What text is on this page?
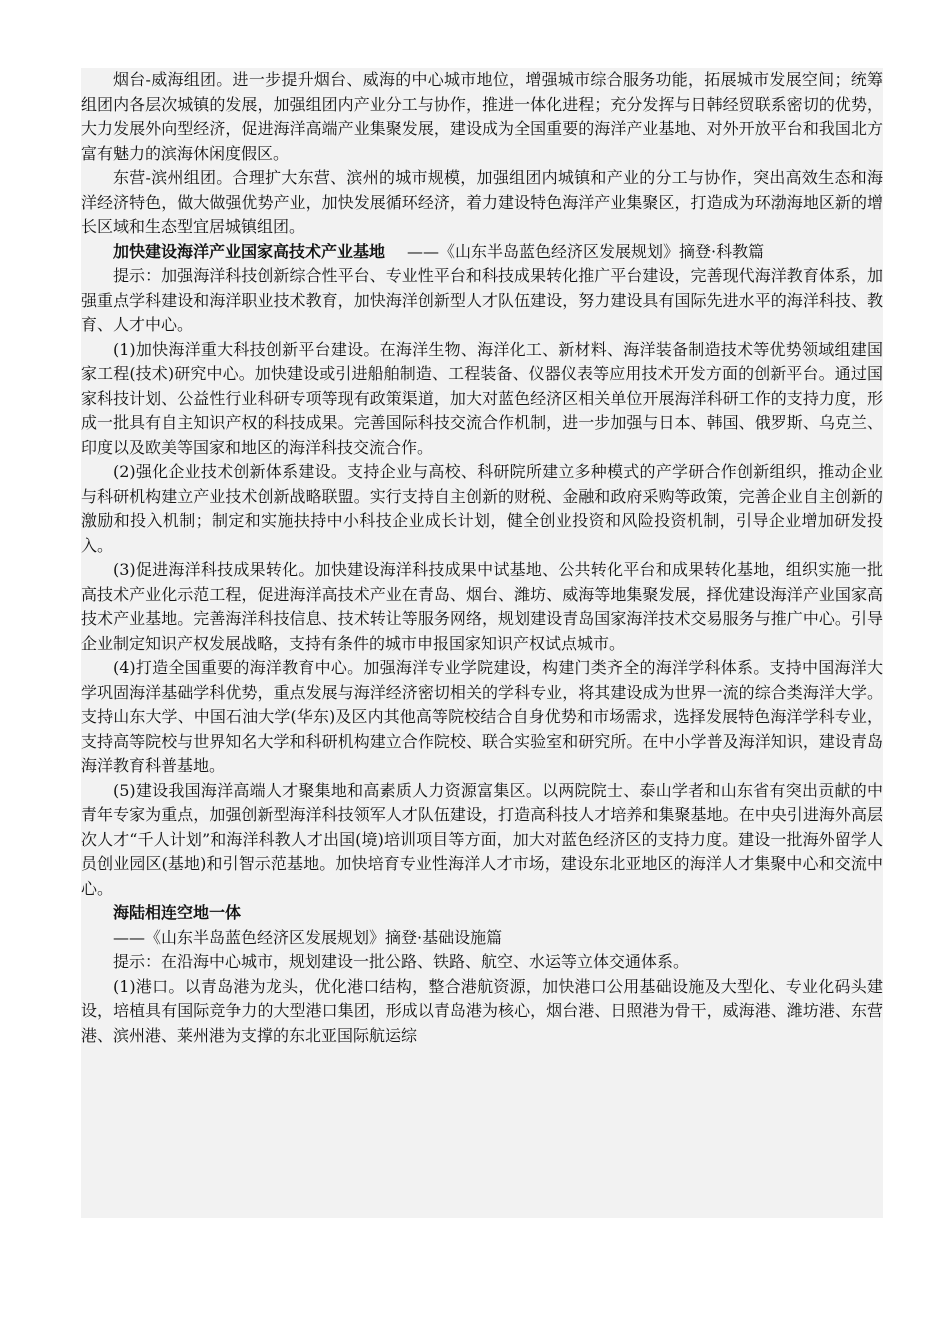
烟台-威海组团。进一步提升烟台、威海的中心城市地位，增强城市综合服务功能，拓展城市发展空间；统筹组团内各层次城镇的发展，加强组团内产业分工与协作，推进一体化进程；充分发挥与日韩经贸联系密切的优势，大力发展外向型经济，促进海洋高端产业集聚发展，建设成为全国重要的海洋产业基地、对外开放平台和我国北方富有魅力的滨海休闲度假区。

东营-滨州组团。合理扩大东营、滨州的城市规模，加强组团内城镇和产业的分工与协作，突出高效生态和海洋经济特色，做大做强优势产业，加快发展循环经济，着力建设特色海洋产业集聚区，打造成为环渤海地区新的增长区域和生态型宜居城镇组团。

加快建设海洋产业国家高技术产业基地 ——《山东半岛蓝色经济区发展规划》摘登·科教篇

提示：加强海洋科技创新综合性平台、专业性平台和科技成果转化推广平台建设，完善现代海洋教育体系，加强重点学科建设和海洋职业技术教育，加快海洋创新型人才队伍建设，努力建设具有国际先进水平的海洋科技、教育、人才中心。

(1)加快海洋重大科技创新平台建设。在海洋生物、海洋化工、新材料、海洋装备制造技术等优势领域组建国家工程(技术)研究中心。加快建设或引进船舶制造、工程装备、仪器仪表等应用技术开发方面的创新平台。通过国家科技计划、公益性行业科研专项等现有政策渠道，加大对蓝色经济区相关单位开展海洋科研工作的支持力度，形成一批具有自主知识产权的科技成果。完善国际科技交流合作机制，进一步加强与日本、韩国、俄罗斯、乌克兰、印度以及欧美等国家和地区的海洋科技交流合作。

(2)强化企业技术创新体系建设。支持企业与高校、科研院所建立多种模式的产学研合作创新组织，推动企业与科研机构建立产业技术创新战略联盟。实行支持自主创新的财税、金融和政府采购等政策，完善企业自主创新的激励和投入机制；制定和实施扶持中小科技企业成长计划，健全创业投资和风险投资机制，引导企业增加研发投入。

(3)促进海洋科技成果转化。加快建设海洋科技成果中试基地、公共转化平台和成果转化基地，组织实施一批高技术产业化示范工程，促进海洋高技术产业在青岛、烟台、潍坊、威海等地集聚发展，择优建设海洋产业国家高技术产业基地。完善海洋科技信息、技术转让等服务网络，规划建设青岛国家海洋技术交易服务与推广中心。引导企业制定知识产权发展战略，支持有条件的城市申报国家知识产权试点城市。

(4)打造全国重要的海洋教育中心。加强海洋专业学院建设，构建门类齐全的海洋学科体系。支持中国海洋大学巩固海洋基础学科优势，重点发展与海洋经济密切相关的学科专业，将其建设成为世界一流的综合类海洋大学。支持山东大学、中国石油大学(华东)及区内其他高等院校结合自身优势和市场需求，选择发展特色海洋学科专业，支持高等院校与世界知名大学和科研机构建立合作院校、联合实验室和研究所。在中小学普及海洋知识，建设青岛海洋教育科普基地。

(5)建设我国海洋高端人才聚集地和高素质人力资源富集区。以两院院士、泰山学者和山东省有突出贡献的中青年专家为重点，加强创新型海洋科技领军人才队伍建设，打造高科技人才培养和集聚基地。在中央引进海外高层次人才“千人计划”和海洋科教人才出国(境)培训项目等方面，加大对蓝色经济区的支持力度。建设一批海外留学人员创业园区(基地)和引智示范基地。加快培育专业性海洋人才市场，建设东北亚地区的海洋人才集聚中心和交流中心。

海陆相连空地一体

——《山东半岛蓝色经济区发展规划》摘登·基础设施篇

提示：在沿海中心城市，规划建设一批公路、铁路、航空、水运等立体交通体系。

(1)港口。以青岛港为龙头，优化港口结构，整合港航资源，加快港口公用基础设施及大型化、专业化码头建设，培植具有国际竞争力的大型港口集团，形成以青岛港为核心，烟台港、日照港为骨干，威海港、潍坊港、东营港、滨州港、莱州港为支撑的东北亚国际航运综
